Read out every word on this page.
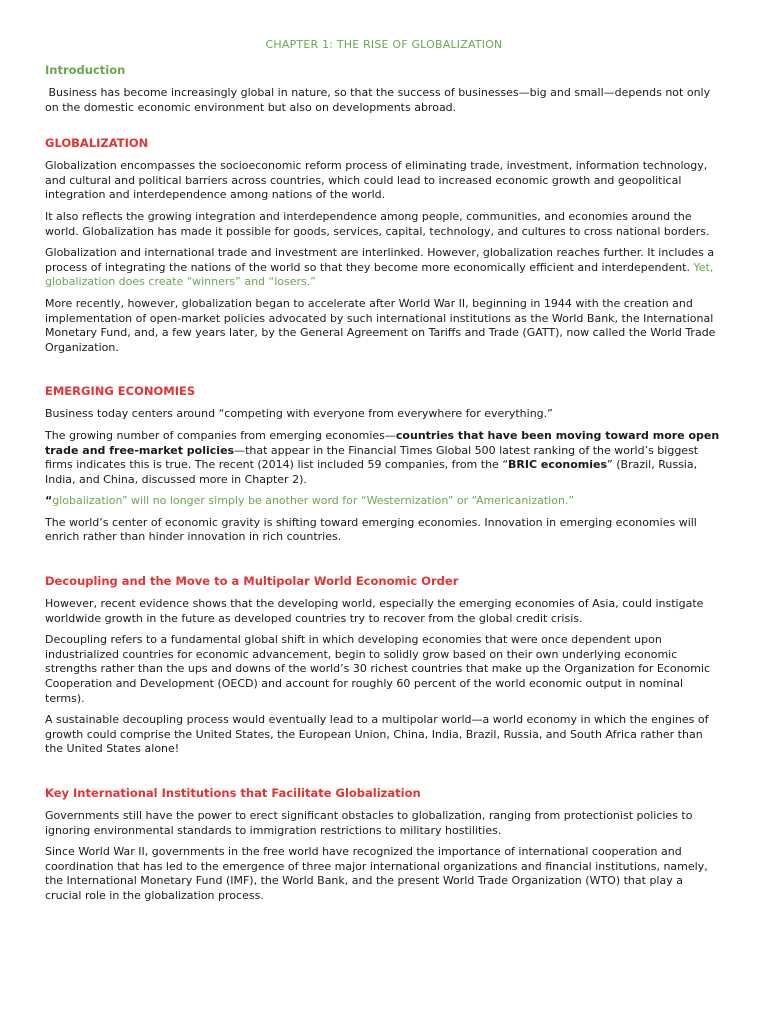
CHAPTER 1: THE RISE OF GLOBALIZATION
Introduction

Business has become increasingly global in nature, so that the success of businesses—big and small—depends not only on the domestic economic environment but also on developments abroad.

GLOBALIZATION

Globalization encompasses the socioeconomic reform process of eliminating trade, investment, information technology, and cultural and political barriers across countries, which could lead to increased economic growth and geopolitical integration and interdependence among nations of the world.

It also reflects the growing integration and interdependence among people, communities, and economies around the world. Globalization has made it possible for goods, services, capital, technology, and cultures to cross national borders.

Globalization and international trade and investment are interlinked. However, globalization reaches further. It includes a process of integrating the nations of the world so that they become more economically efficient and interdependent. Yet, globalization does create “winners” and “losers.”

More recently, however, globalization began to accelerate after World War II, beginning in 1944 with the creation and implementation of open-market policies advocated by such international institutions as the World Bank, the International Monetary Fund, and, a few years later, by the General Agreement on Tariffs and Trade (GATT), now called the World Trade Organization.

EMERGING ECONOMIES

Business today centers around “competing with everyone from everywhere for everything.”

The growing number of companies from emerging economies—countries that have been moving toward more open trade and free-market policies—that appear in the Financial Times Global 500 latest ranking of the world’s biggest firms indicates this is true. The recent (2014) list included 59 companies, from the “BRIC economies” (Brazil, Russia, India, and China, discussed more in Chapter 2).

“globalization” will no longer simply be another word for “Westernization” or “Americanization.”

The world’s center of economic gravity is shifting toward emerging economies. Innovation in emerging economies will enrich rather than hinder innovation in rich countries.

Decoupling and the Move to a Multipolar World Economic Order

However, recent evidence shows that the developing world, especially the emerging economies of Asia, could instigate worldwide growth in the future as developed countries try to recover from the global credit crisis.

Decoupling refers to a fundamental global shift in which developing economies that were once dependent upon industrialized countries for economic advancement, begin to solidly grow based on their own underlying economic strengths rather than the ups and downs of the world’s 30 richest countries that make up the Organization for Economic Cooperation and Development (OECD) and account for roughly 60 percent of the world economic output in nominal terms).

A sustainable decoupling process would eventually lead to a multipolar world—a world economy in which the engines of growth could comprise the United States, the European Union, China, India, Brazil, Russia, and South Africa rather than the United States alone!

Key International Institutions that Facilitate Globalization

Governments still have the power to erect significant obstacles to globalization, ranging from protectionist policies to ignoring environmental standards to immigration restrictions to military hostilities.

Since World War II, governments in the free world have recognized the importance of international cooperation and coordination that has led to the emergence of three major international organizations and financial institutions, namely, the International Monetary Fund (IMF), the World Bank, and the present World Trade Organization (WTO) that play a crucial role in the globalization process.
